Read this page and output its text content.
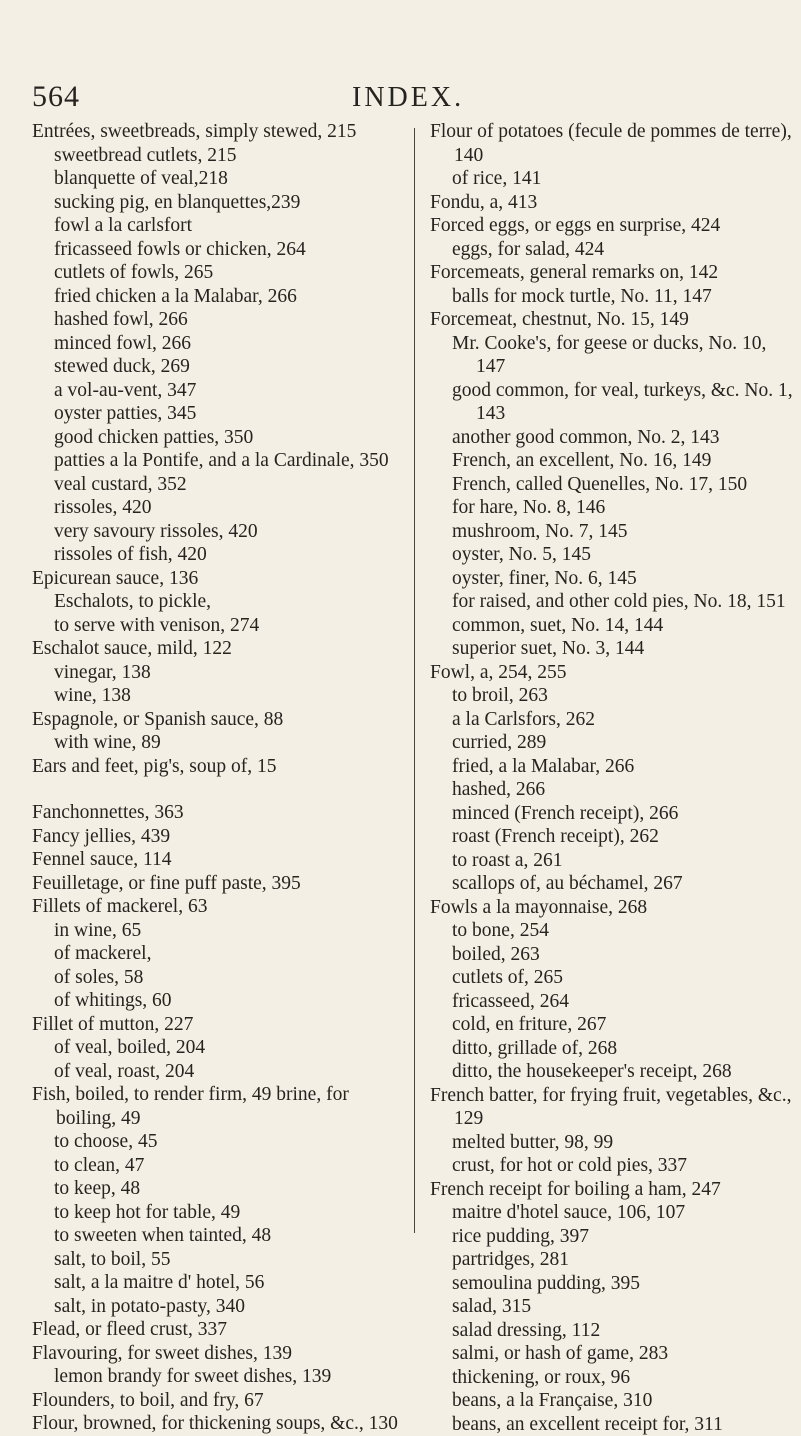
564	INDEX.
Entrées, sweetbreads, simply stewed, 215
sweetbread cutlets, 215
blanquette of veal,218
sucking pig, en blanquettes,239
fowl a la carlsfort
fricasseed fowls or chicken, 264
cutlets of fowls, 265
fried chicken a la Malabar, 266
hashed fowl, 266
minced fowl, 266
stewed duck, 269
a vol-au-vent, 347
oyster patties, 345
good chicken patties, 350
patties a la Pontife, and a la Cardinale, 350
veal custard, 352
rissoles, 420
very savoury rissoles, 420
rissoles of fish, 420
Epicurean sauce, 136
Eschalots, to pickle,
to serve with venison, 274
Eschalot sauce, mild, 122
vinegar, 138
wine, 138
Espagnole, or Spanish sauce, 88
with wine, 89
Ears and feet, pig's, soup of, 15
Fanchonnettes, 363
Fancy jellies, 439
Fennel sauce, 114
Feuilletage, or fine puff paste, 395
Fillets of mackerel, 63
in wine, 65
of mackerel,
of soles, 58
of whitings, 60
Fillet of mutton, 227
of veal, boiled, 204
of veal, roast, 204
Fish, boiled, to render firm, 49 brine, for boiling, 49
to choose, 45
to clean, 47
to keep, 48
to keep hot for table, 49
to sweeten when tainted, 48
salt, to boil, 55
salt, a la maitre d' hotel, 56
salt, in potato-pasty, 340
Flead, or fleed crust, 337
Flavouring, for sweet dishes, 139
lemon brandy for sweet dishes, 139
Flounders, to boil, and fry, 67
Flour, browned, for thickening soups, &c., 130
Flour of potatoes (fecule de pommes de terre), 140
of rice, 141
Fondu, a, 413
Forced eggs, or eggs en surprise, 424
eggs, for salad, 424
Forcemeats, general remarks on, 142
balls for mock turtle, No. 11, 147
Forcemeat, chestnut, No. 15, 149
Mr. Cooke's, for geese or ducks, No. 10, 147
good common, for veal, turkeys, &c. No. 1, 143
another good common, No. 2, 143
French, an excellent, No. 16, 149
French, called Quenelles, No. 17, 150
for hare, No. 8, 146
mushroom, No. 7, 145
oyster, No. 5, 145
oyster, finer, No. 6, 145
for raised, and other cold pies, No. 18, 151
common, suet, No. 14, 144
superior suet, No. 3, 144
Fowl, a, 254, 255
to broil, 263
a la Carlsfors, 262
curried, 289
fried, a la Malabar, 266
hashed, 266
minced (French receipt), 266
roast (French receipt), 262
to roast a, 261
scallops of, au béchamel, 267
Fowls a la mayonnaise, 268
to bone, 254
boiled, 263
cutlets of, 265
fricasseed, 264
cold, en friture, 267
ditto, grillade of, 268
ditto, the housekeeper's receipt, 268
French batter, for frying fruit, vegetables, &c., 129
melted butter, 98, 99
crust, for hot or cold pies, 337
French receipt for boiling a ham, 247
maitre d'hotel sauce, 106, 107
rice pudding, 397
partridges, 281
semoulina pudding, 395
salad, 315
salad dressing, 112
salmi, or hash of game, 283
thickening, or roux, 96
beans, a la Française, 310
beans, an excellent receipt for, 311
